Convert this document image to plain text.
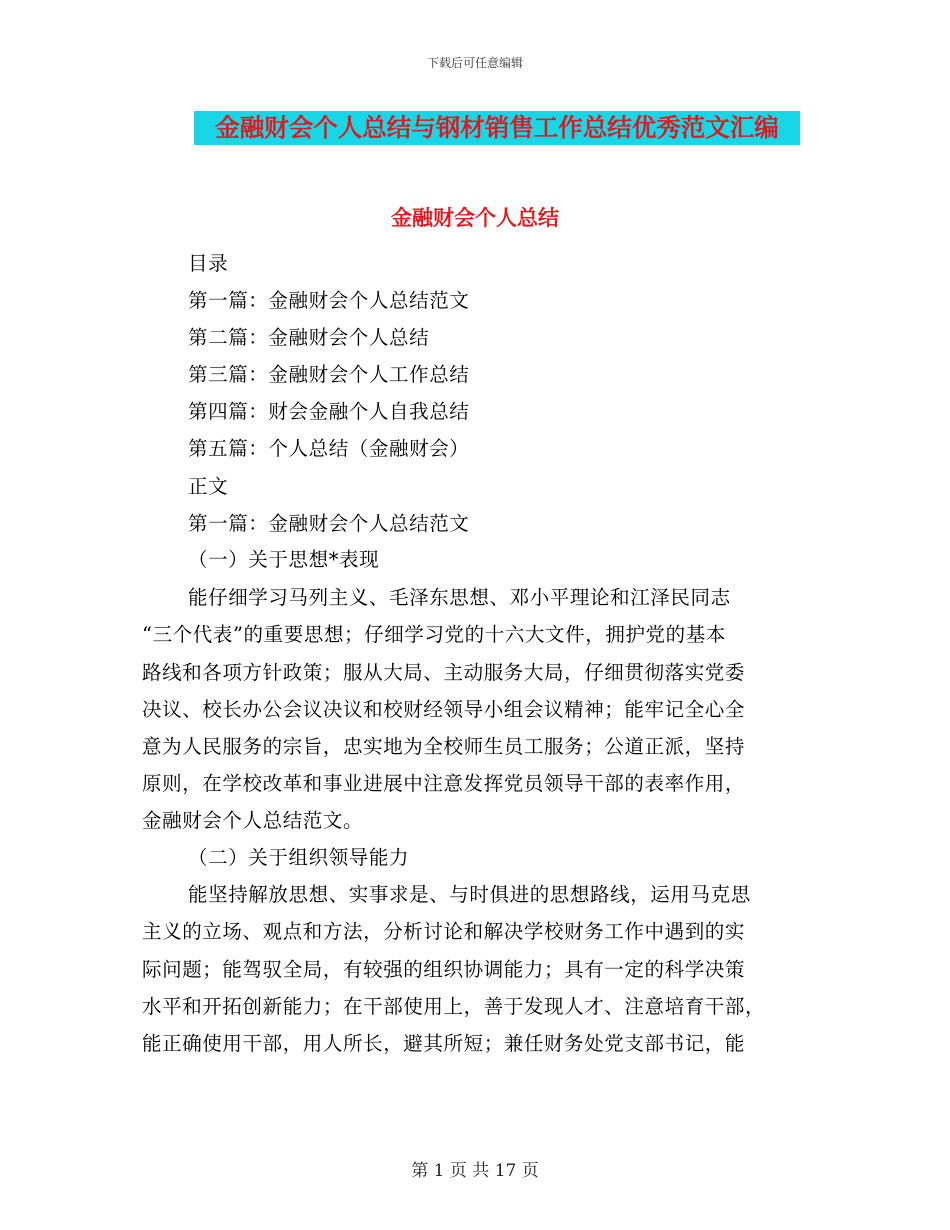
下载后可任意编辑
金融财会个人总结与钢材销售工作总结优秀范文汇编
金融财会个人总结
目录
第一篇：金融财会个人总结范文
第二篇：金融财会个人总结
第三篇：金融财会个人工作总结
第四篇：财会金融个人自我总结
第五篇：个人总结（金融财会）
正文
第一篇：金融财会个人总结范文
（一）关于思想*表现
能仔细学习马列主义、毛泽东思想、邓小平理论和江泽民同志
“三个代表”的重要思想；仔细学习党的十六大文件，拥护党的基本
路线和各项方针政策；服从大局、主动服务大局，仔细贯彻落实党委
决议、校长办公会议决议和校财经领导小组会议精神；能牢记全心全
意为人民服务的宗旨，忠实地为全校师生员工服务；公道正派，坚持
原则，在学校改革和事业进展中注意发挥党员领导干部的表率作用，
金融财会个人总结范文。
（二）关于组织领导能力
能坚持解放思想、实事求是、与时俱进的思想路线，运用马克思
主义的立场、观点和方法，分析讨论和解决学校财务工作中遇到的实
际问题；能驾驭全局，有较强的组织协调能力；具有一定的科学决策
水平和开拓创新能力；在干部使用上，善于发现人才、注意培育干部，
能正确使用干部，用人所长，避其所短；兼任财务处党支部书记，能
第 1 页 共 17 页
